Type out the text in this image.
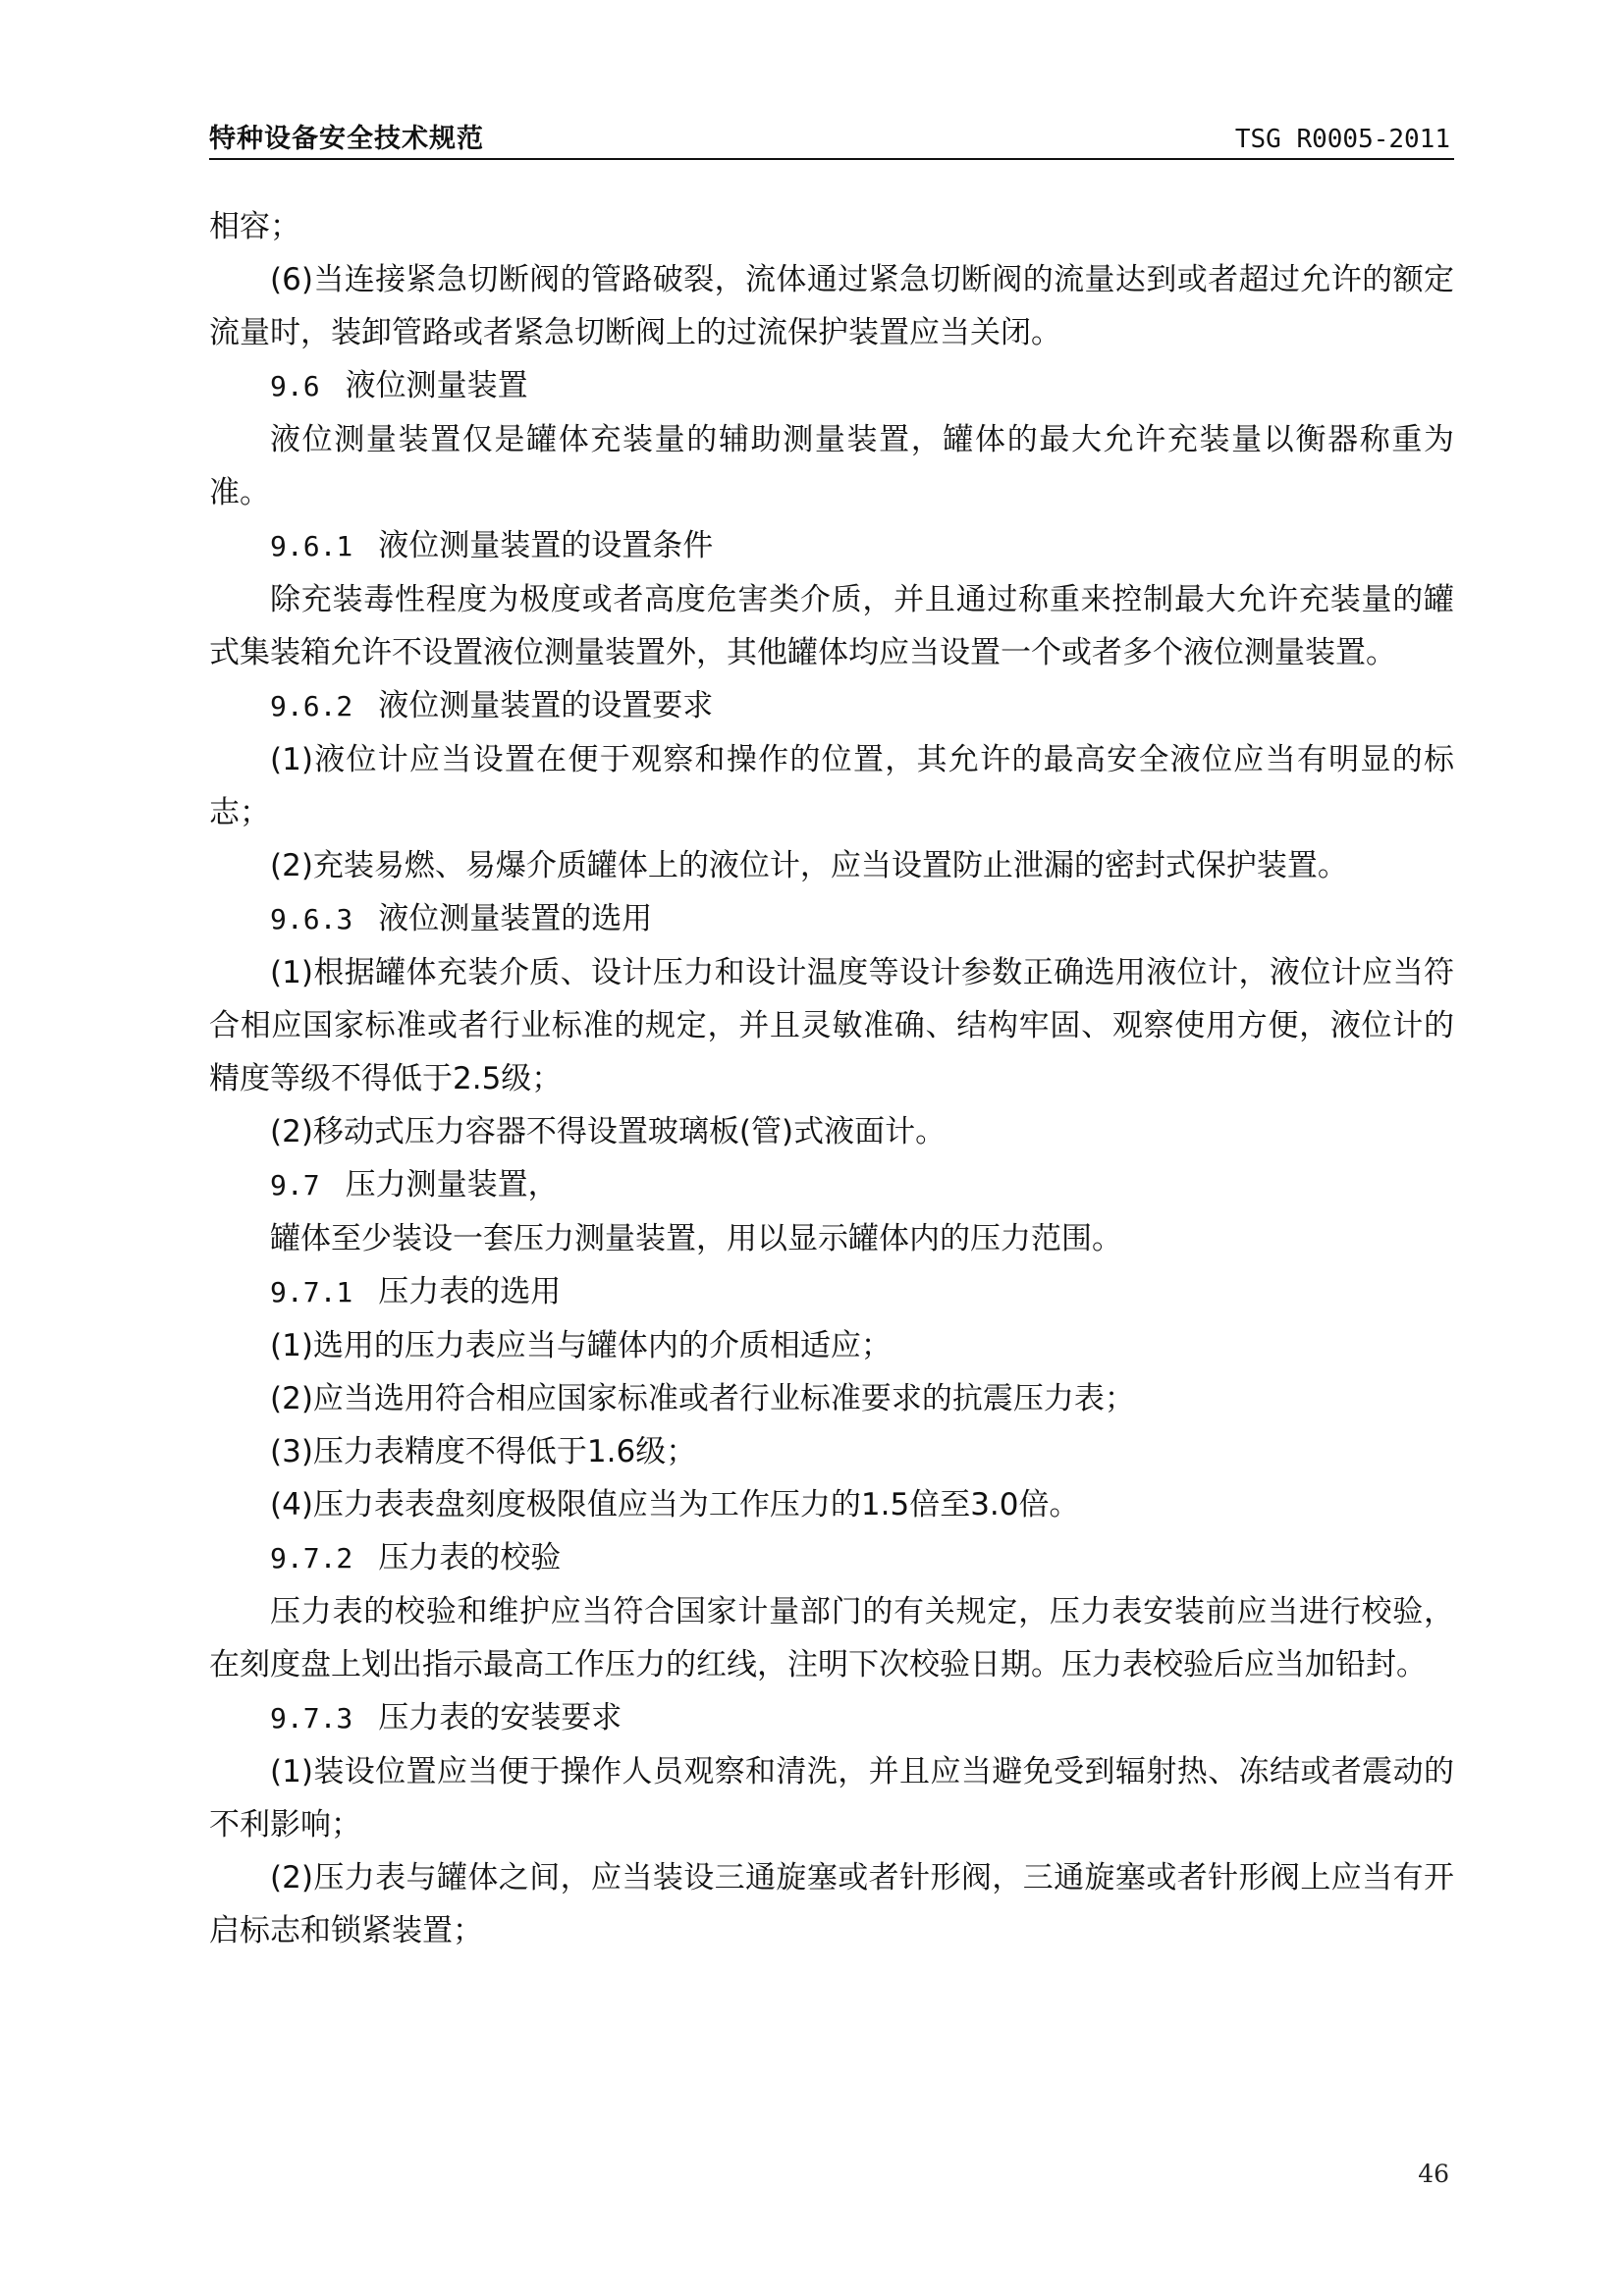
特种设备安全技术规范	TSG R0005-2011

相容；

(6)当连接紧急切断阀的管路破裂，流体通过紧急切断阀的流量达到或者超过允许的额定流量时，装卸管路或者紧急切断阀上的过流保护装置应当关闭。

9.6 液位测量装置

液位测量装置仅是罐体充装量的辅助测量装置，罐体的最大允许充装量以衡器称重为准。

9.6.1 液位测量装置的设置条件

除充装毒性程度为极度或者高度危害类介质，并且通过称重来控制最大允许充装量的罐式集装箱允许不设置液位测量装置外，其他罐体均应当设置一个或者多个液位测量装置。

9.6.2 液位测量装置的设置要求

(1)液位计应当设置在便于观察和操作的位置，其允许的最高安全液位应当有明显的标志；

(2)充装易燃、易爆介质罐体上的液位计，应当设置防止泄漏的密封式保护装置。

9.6.3 液位测量装置的选用

(1)根据罐体充装介质、设计压力和设计温度等设计参数正确选用液位计，液位计应当符合相应国家标准或者行业标准的规定，并且灵敏准确、结构牢固、观察使用方便，液位计的精度等级不得低于2.5级；

(2)移动式压力容器不得设置玻璃板(管)式液面计。

9.7 压力测量装置，

罐体至少装设一套压力测量装置，用以显示罐体内的压力范围。

9.7.1 压力表的选用

(1)选用的压力表应当与罐体内的介质相适应；

(2)应当选用符合相应国家标准或者行业标准要求的抗震压力表；

(3)压力表精度不得低于1.6级；

(4)压力表表盘刻度极限值应当为工作压力的1.5倍至3.0倍。

9.7.2 压力表的校验

压力表的校验和维护应当符合国家计量部门的有关规定，压力表安装前应当进行校验，在刻度盘上划出指示最高工作压力的红线，注明下次校验日期。压力表校验后应当加铅封。

9.7.3 压力表的安装要求

(1)装设位置应当便于操作人员观察和清洗，并且应当避免受到辐射热、冻结或者震动的不利影响；

(2)压力表与罐体之间，应当装设三通旋塞或者针形阀，三通旋塞或者针形阀上应当有开启标志和锁紧装置；

46
